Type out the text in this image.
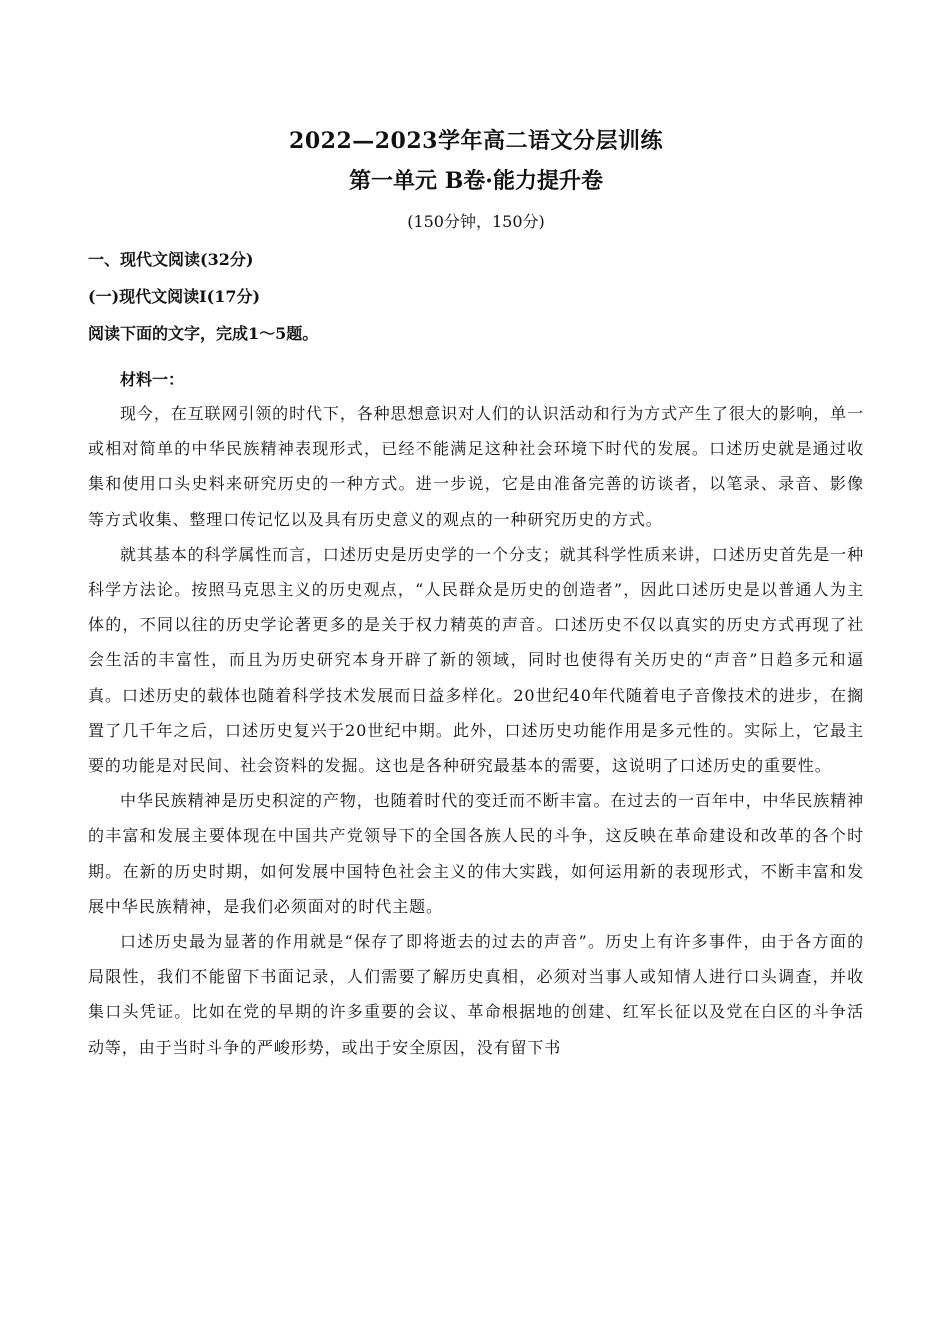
2022—2023学年高二语文分层训练
第一单元 B卷·能力提升卷

(150分钟，150分)

一、现代文阅读(32分)

(一)现代文阅读Ⅰ(17分)

阅读下面的文字，完成1～5题。

材料一：

现今，在互联网引领的时代下，各种思想意识对人们的认识活动和行为方式产生了很大的影响，单一或相对简单的中华民族精神表现形式，已经不能满足这种社会环境下时代的发展。口述历史就是通过收集和使用口头史料来研究历史的一种方式。进一步说，它是由准备完善的访谈者，以笔录、录音、影像等方式收集、整理口传记忆以及具有历史意义的观点的一种研究历史的方式。

就其基本的科学属性而言，口述历史是历史学的一个分支；就其科学性质来讲，口述历史首先是一种科学方法论。按照马克思主义的历史观点，“人民群众是历史的创造者”，因此口述历史是以普通人为主体的，不同以往的历史学论著更多的是关于权力精英的声音。口述历史不仅以真实的历史方式再现了社会生活的丰富性，而且为历史研究本身开辟了新的领域，同时也使得有关历史的“声音”日趋多元和逼真。口述历史的载体也随着科学技术发展而日益多样化。20世纪40年代随着电子音像技术的进步，在搁置了几千年之后，口述历史复兴于20世纪中期。此外，口述历史功能作用是多元性的。实际上，它最主要的功能是对民间、社会资料的发掘。这也是各种研究最基本的需要，这说明了口述历史的重要性。

中华民族精神是历史积淀的产物，也随着时代的变迁而不断丰富。在过去的一百年中，中华民族精神的丰富和发展主要体现在中国共产党领导下的全国各族人民的斗争，这反映在革命建设和改革的各个时期。在新的历史时期，如何发展中国特色社会主义的伟大实践，如何运用新的表现形式，不断丰富和发展中华民族精神，是我们必须面对的时代主题。

口述历史最为显著的作用就是“保存了即将逝去的过去的声音”。历史上有许多事件，由于各方面的局限性，我们不能留下书面记录，人们需要了解历史真相，必须对当事人或知情人进行口头调查，并收集口头凭证。比如在党的早期的许多重要的会议、革命根据地的创建、红军长征以及党在白区的斗争活动等，由于当时斗争的严峻形势，或出于安全原因，没有留下书
